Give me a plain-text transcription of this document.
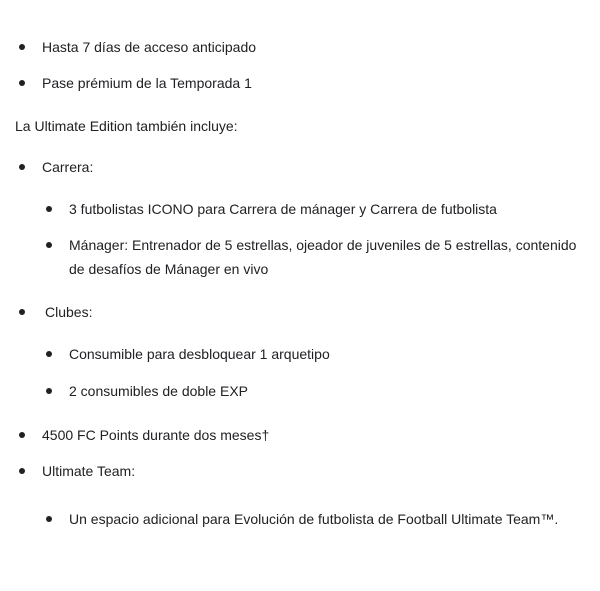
Hasta 7 días de acceso anticipado
Pase prémium de la Temporada 1
La Ultimate Edition también incluye:
Carrera:
3 futbolistas ICONO para Carrera de mánager y Carrera de futbolista
Mánager: Entrenador de 5 estrellas, ojeador de juveniles de 5 estrellas, contenido de desafíos de Mánager en vivo
Clubes:
Consumible para desbloquear 1 arquetipo
2 consumibles de doble EXP
4500 FC Points durante dos meses†
Ultimate Team:
Un espacio adicional para Evolución de futbolista de Football Ultimate Team™.
